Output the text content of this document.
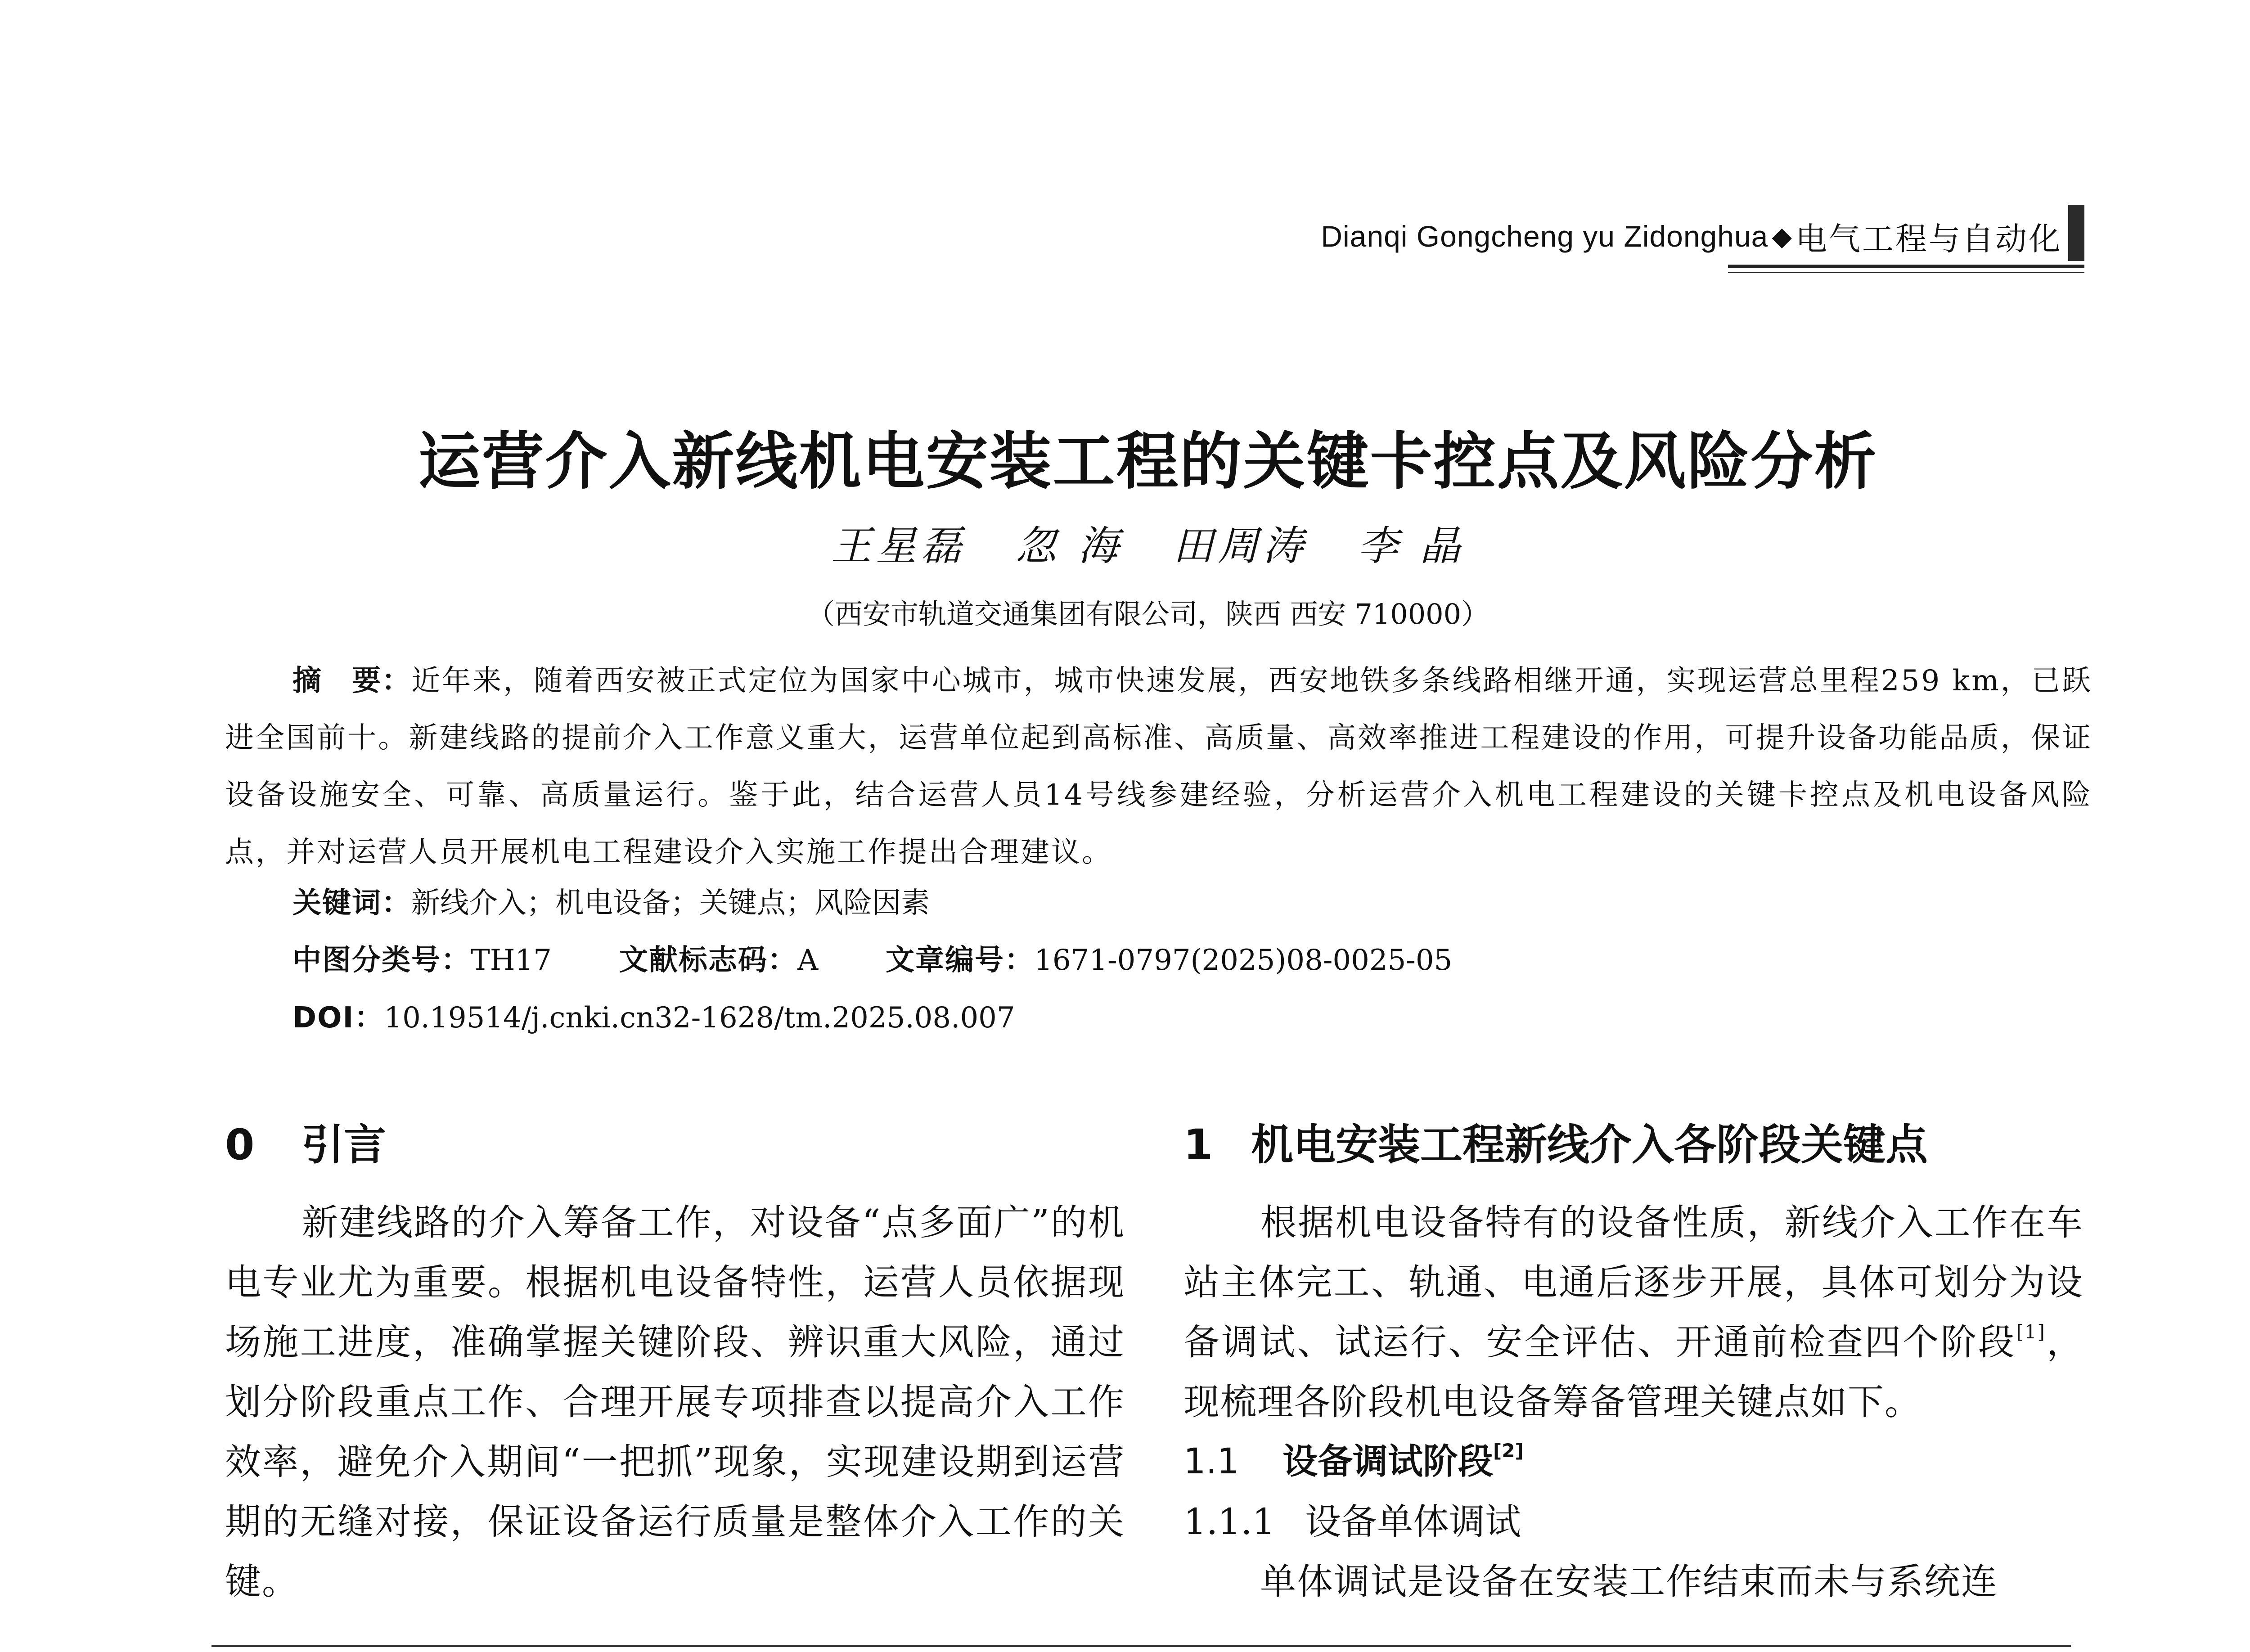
Dianqi Gongcheng yu Zidonghua ◆ 电气工程与自动化
运营介入新线机电安装工程的关键卡控点及风险分析
王星磊 忽 海 田周涛 李 晶
（西安市轨道交通集团有限公司，陕西 西安 710000）
摘　要：近年来，随着西安被正式定位为国家中心城市，城市快速发展，西安地铁多条线路相继开通，实现运营总里程259 km，已跃进全国前十。新建线路的提前介入工作意义重大，运营单位起到高标准、高质量、高效率推进工程建设的作用，可提升设备功能品质，保证设备设施安全、可靠、高质量运行。鉴于此，结合运营人员14号线参建经验，分析运营介入机电工程建设的关键卡控点及机电设备风险点，并对运营人员开展机电工程建设介入实施工作提出合理建议。
关键词：新线介入；机电设备；关键点；风险因素
中图分类号：TH17 文献标志码：A 文章编号：1671-0797(2025)08-0025-05
DOI：10.19514/j.cnki.cn32-1628/tm.2025.08.007
0 引言

新建线路的介入筹备工作，对设备“点多面广”的机电专业尤为重要。根据机电设备特性，运营人员依据现场施工进度，准确掌握关键阶段、辨识重大风险，通过划分阶段重点工作、合理开展专项排查以提高介入工作效率，避免介入期间“一把抓”现象，实现建设期到运营期的无缝对接，保证设备运行质量是整体介入工作的关键。

1 机电安装工程新线介入各阶段关键点

根据机电设备特有的设备性质，新线介入工作在车站主体完工、轨通、电通后逐步开展，具体可划分为设备调试、试运行、安全评估、开通前检查四个阶段[1]，现梳理各阶段机电设备筹备管理关键点如下。

1.1 设备调试阶段[2]

1.1.1 设备单体调试

单体调试是设备在安装工作结束而未与系统连
